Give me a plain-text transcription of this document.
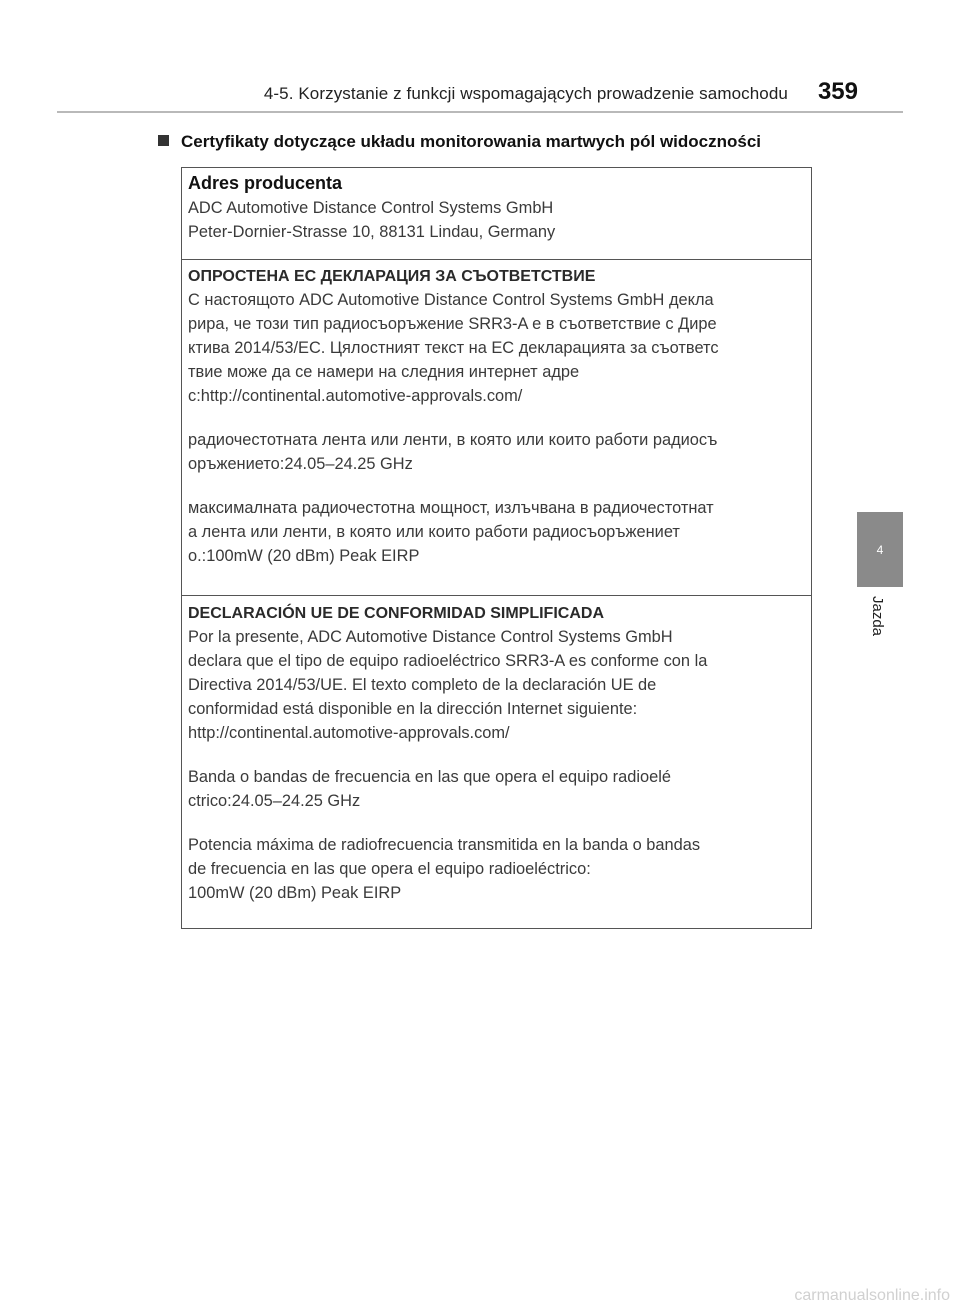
4-5. Korzystanie z funkcji wspomagających prowadzenie samochodu 359
Certyfikaty dotyczące układu monitorowania martwych pól widoczności
4
Jazda
Adres producenta
ADC Automotive Distance Control Systems GmbH
Peter-Dornier-Strasse 10, 88131 Lindau, Germany
ОПРОСТЕНА ЕС ДЕКЛАРАЦИЯ ЗА СЪОТВЕТСТВИЕ
С настоящото ADC Automotive Distance Control Systems GmbH декла
рира, че този тип радиосъоръжение SRR3-A е в съответствие с Дире
ктива 2014/53/ЕС. Цялостният текст на ЕС декларацията за съответс
твие може да се намери на следния интернет адре
c:http://continental.automotive-approvals.com/
радиочестотната лента или ленти, в която или които работи радиосъ
оръжението:24.05–24.25 GHz
максималната радиочестотна мощност, излъчвана в радиочестотнат
а лента или ленти, в която или които работи радиосъоръжениет
о.:100mW (20 dBm) Peak EIRP
DECLARACIÓN UE DE CONFORMIDAD SIMPLIFICADA
Por la presente, ADC Automotive Distance Control Systems GmbH
declara que el tipo de equipo radioeléctrico SRR3-A es conforme con la
Directiva 2014/53/UE. El texto completo de la declaración UE de
conformidad está disponible en la dirección Internet siguiente:
http://continental.automotive-approvals.com/
Banda o bandas de frecuencia en las que opera el equipo radioelé
ctrico:24.05–24.25 GHz
Potencia máxima de radiofrecuencia transmitida en la banda o bandas
de frecuencia en las que opera el equipo radioeléctrico:
100mW (20 dBm) Peak EIRP
carmanualsonline.info
